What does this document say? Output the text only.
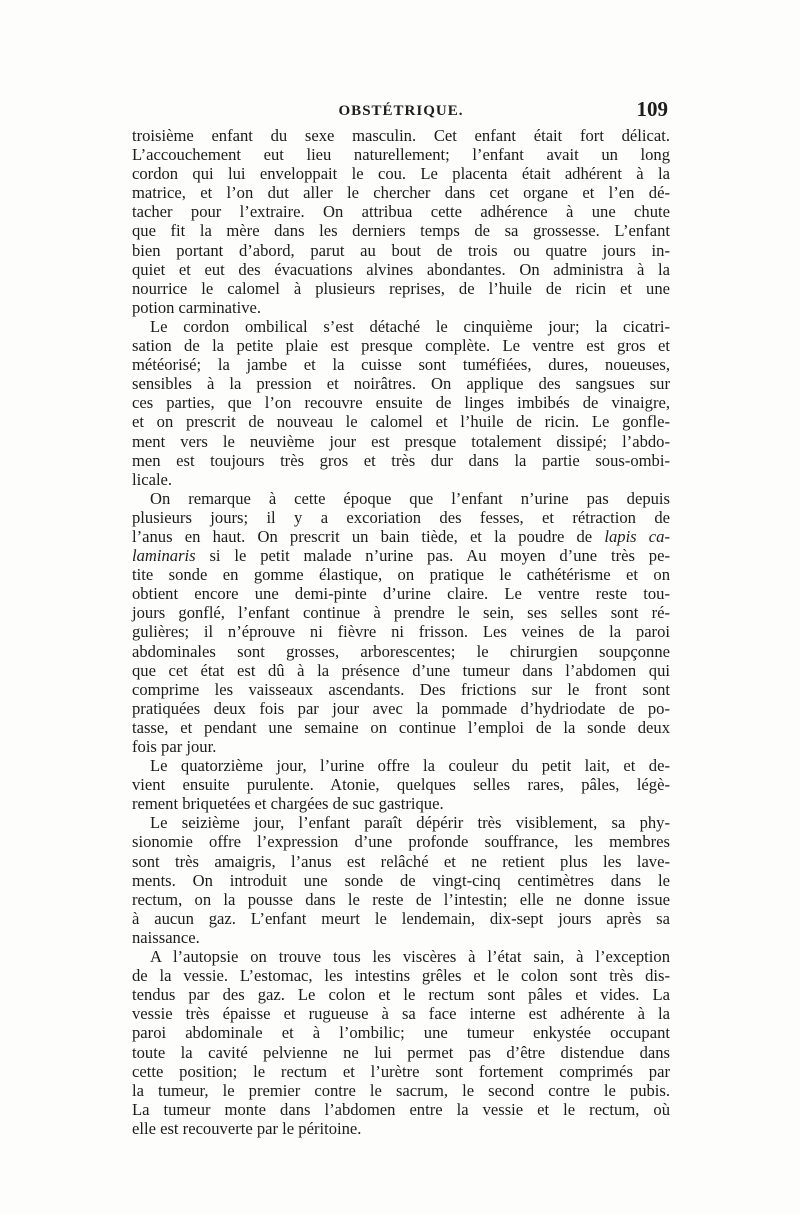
OBSTÉTRIQUE.	109
troisième enfant du sexe masculin. Cet enfant était fort délicat.
L’accouchement eut lieu naturellement; l’enfant avait un long
cordon qui lui enveloppait le cou. Le placenta était adhérent à la
matrice, et l’on dut aller le chercher dans cet organe et l’en dé-
tacher pour l’extraire. On attribua cette adhérence à une chute
que fit la mère dans les derniers temps de sa grossesse. L’enfant
bien portant d’abord, parut au bout de trois ou quatre jours in-
quiet et eut des évacuations alvines abondantes. On administra à la
nourrice le calomel à plusieurs reprises, de l’huile de ricin et une
potion carminative.
Le cordon ombilical s’est détaché le cinquième jour; la cicatri-
sation de la petite plaie est presque complète. Le ventre est gros et
météorisé; la jambe et la cuisse sont tuméfiées, dures, noueuses,
sensibles à la pression et noirâtres. On applique des sangsues sur
ces parties, que l’on recouvre ensuite de linges imbibés de vinaigre,
et on prescrit de nouveau le calomel et l’huile de ricin. Le gonfle-
ment vers le neuvième jour est presque totalement dissipé; l’abdo-
men est toujours très gros et très dur dans la partie sous-ombi-
licale.
On remarque à cette époque que l’enfant n’urine pas depuis
plusieurs jours; il y a excoriation des fesses, et rétraction de
l’anus en haut. On prescrit un bain tiède, et la poudre de lapis ca-
laminaris si le petit malade n’urine pas. Au moyen d’une très pe-
tite sonde en gomme élastique, on pratique le cathétérisme et on
obtient encore une demi-pinte d’urine claire. Le ventre reste tou-
jours gonflé, l’enfant continue à prendre le sein, ses selles sont ré-
gulières; il n’éprouve ni fièvre ni frisson. Les veines de la paroi
abdominales sont grosses, arborescentes; le chirurgien soupçonne
que cet état est dû à la présence d’une tumeur dans l’abdomen qui
comprime les vaisseaux ascendants. Des frictions sur le front sont
pratiquées deux fois par jour avec la pommade d’hydriodate de po-
tasse, et pendant une semaine on continue l’emploi de la sonde deux
fois par jour.
Le quatorzième jour, l’urine offre la couleur du petit lait, et de-
vient ensuite purulente. Atonie, quelques selles rares, pâles, légè-
rement briquetées et chargées de suc gastrique.
Le seizième jour, l’enfant paraît dépérir très visiblement, sa phy-
sionomie offre l’expression d’une profonde souffrance, les membres
sont très amaigris, l’anus est relâché et ne retient plus les lave-
ments. On introduit une sonde de vingt-cinq centimètres dans le
rectum, on la pousse dans le reste de l’intestin; elle ne donne issue
à aucun gaz. L’enfant meurt le lendemain, dix-sept jours après sa
naissance.
A l’autopsie on trouve tous les viscères à l’état sain, à l’exception
de la vessie. L’estomac, les intestins grêles et le colon sont très dis-
tendus par des gaz. Le colon et le rectum sont pâles et vides. La
vessie très épaisse et rugueuse à sa face interne est adhérente à la
paroi abdominale et à l’ombilic; une tumeur enkystée occupant
toute la cavité pelvienne ne lui permet pas d’être distendue dans
cette position; le rectum et l’urètre sont fortement comprimés par
la tumeur, le premier contre le sacrum, le second contre le pubis.
La tumeur monte dans l’abdomen entre la vessie et le rectum, où
elle est recouverte par le péritoine.
